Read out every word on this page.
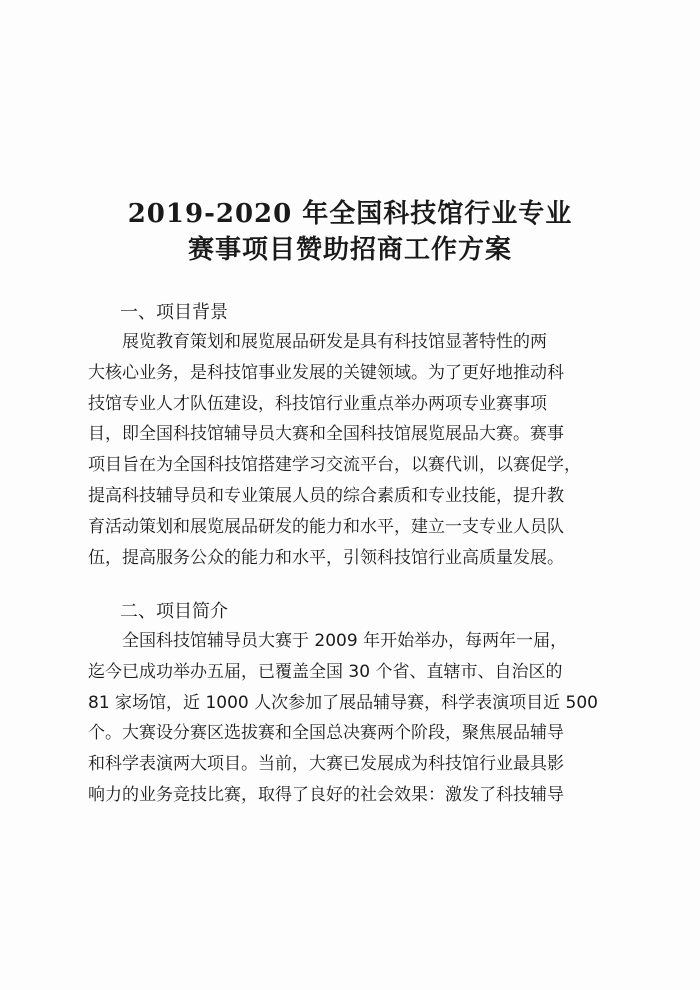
2019-2020 年全国科技馆行业专业
赛事项目赞助招商工作方案
一、项目背景
　　展览教育策划和展览展品研发是具有科技馆显著特性的两
大核心业务，是科技馆事业发展的关键领域。为了更好地推动科
技馆专业人才队伍建设，科技馆行业重点举办两项专业赛事项
目，即全国科技馆辅导员大赛和全国科技馆展览展品大赛。赛事
项目旨在为全国科技馆搭建学习交流平台，以赛代训，以赛促学，
提高科技辅导员和专业策展人员的综合素质和专业技能，提升教
育活动策划和展览展品研发的能力和水平，建立一支专业人员队
伍，提高服务公众的能力和水平，引领科技馆行业高质量发展。
二、项目简介
　　全国科技馆辅导员大赛于 2009 年开始举办，每两年一届，
迄今已成功举办五届，已覆盖全国 30 个省、直辖市、自治区的
81 家场馆，近 1000 人次参加了展品辅导赛，科学表演项目近 500
个。大赛设分赛区选拔赛和全国总决赛两个阶段，聚焦展品辅导
和科学表演两大项目。当前，大赛已发展成为科技馆行业最具影
响力的业务竞技比赛，取得了良好的社会效果：激发了科技辅导
